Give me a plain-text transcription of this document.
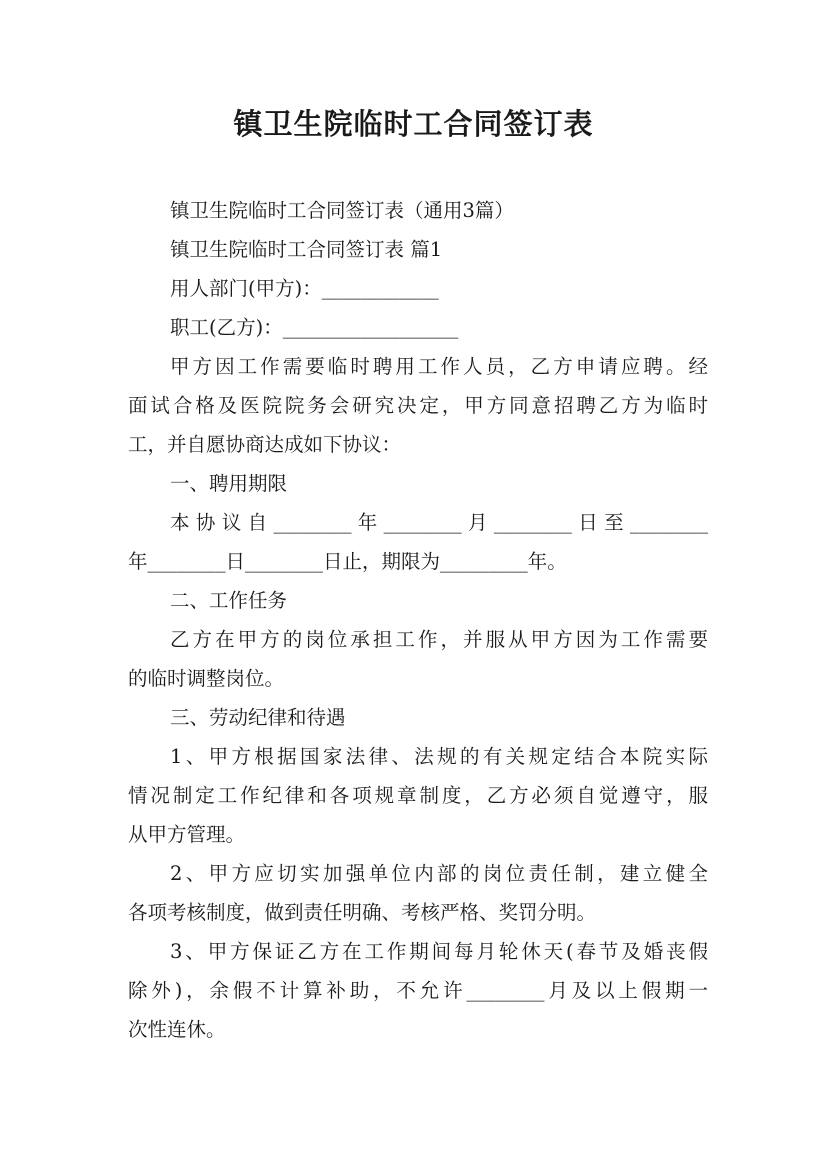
镇卫生院临时工合同签订表
镇卫生院临时工合同签订表（通用3篇）
镇卫生院临时工合同签订表 篇1
用人部门(甲方)：____________
职工(乙方)：__________________
甲方因工作需要临时聘用工作人员，乙方申请应聘。经
面试合格及医院院务会研究决定，甲方同意招聘乙方为临时
工，并自愿协商达成如下协议：
一、聘用期限
本协议自________年________月________日至________
年________日________日止，期限为_________年。
二、工作任务
乙方在甲方的岗位承担工作，并服从甲方因为工作需要
的临时调整岗位。
三、劳动纪律和待遇
1、甲方根据国家法律、法规的有关规定结合本院实际
情况制定工作纪律和各项规章制度，乙方必须自觉遵守，服
从甲方管理。
2、甲方应切实加强单位内部的岗位责任制，建立健全
各项考核制度，做到责任明确、考核严格、奖罚分明。
3、甲方保证乙方在工作期间每月轮休天(春节及婚丧假
除外)，余假不计算补助，不允许________月及以上假期一
次性连休。
